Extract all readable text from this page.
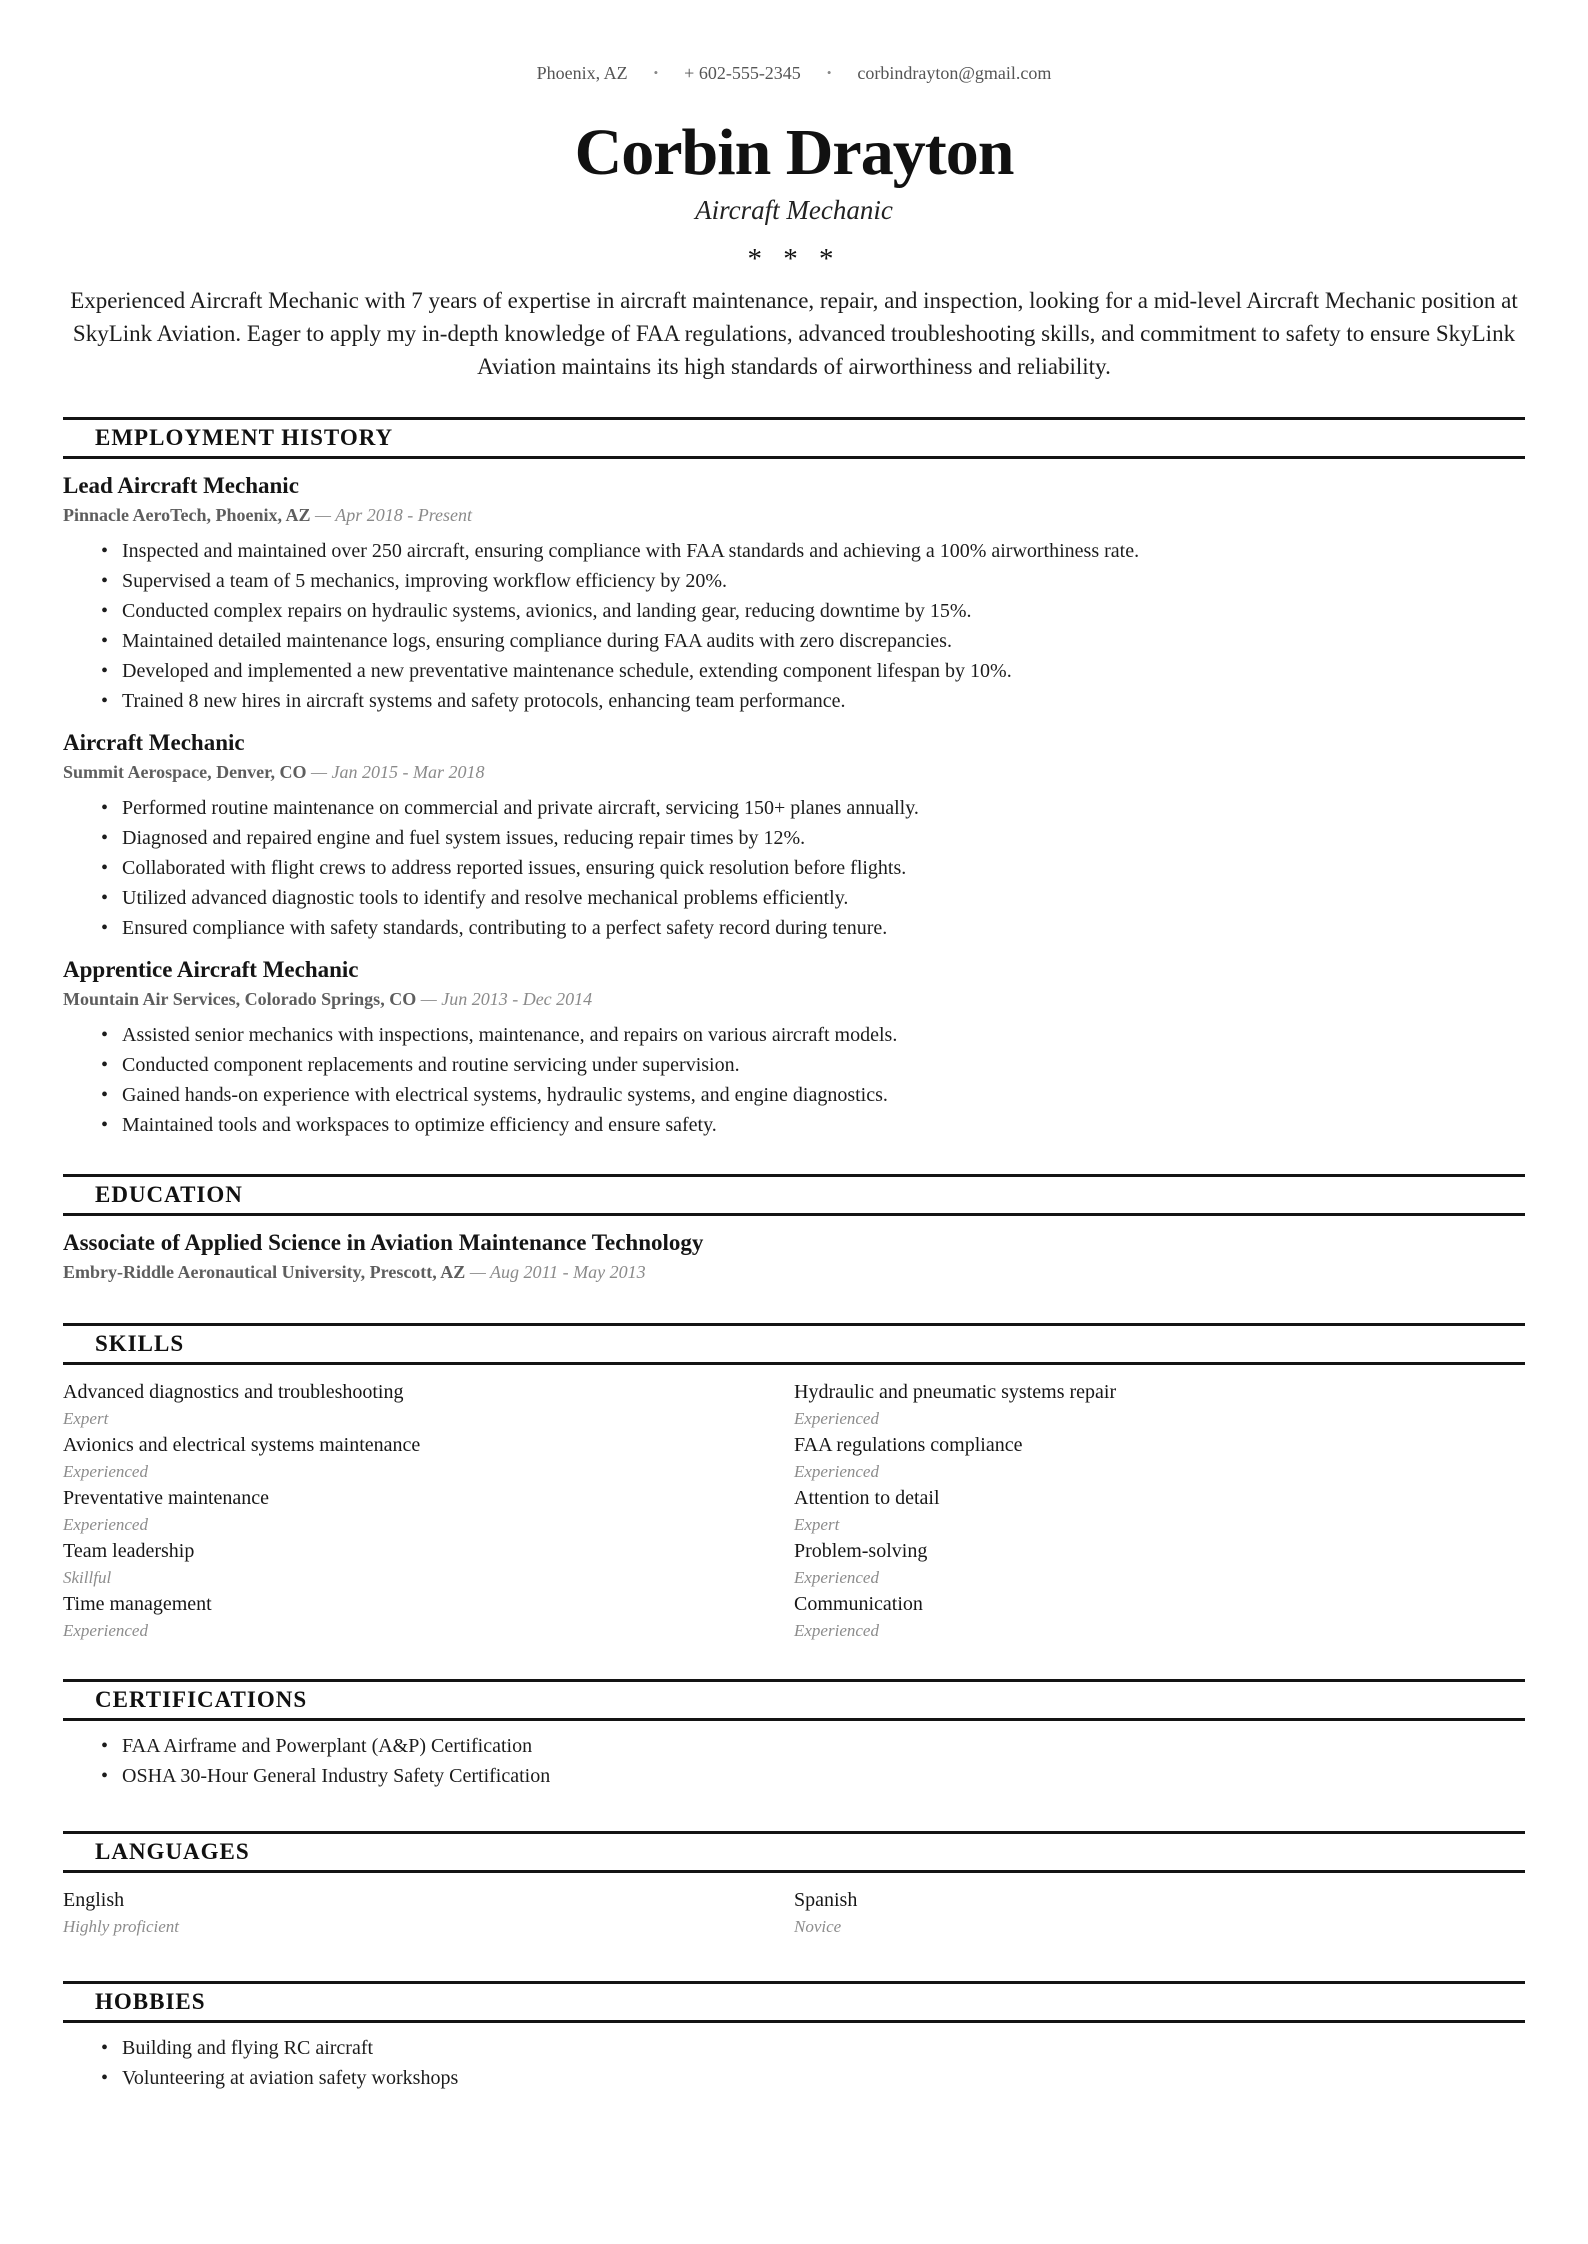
Phoenix, AZ • + 602-555-2345 • corbindrayton@gmail.com
Corbin Drayton
Aircraft Mechanic
* * *

Experienced Aircraft Mechanic with 7 years of expertise in aircraft maintenance, repair, and inspection, looking for a mid-level Aircraft Mechanic position at SkyLink Aviation. Eager to apply my in-depth knowledge of FAA regulations, advanced troubleshooting skills, and commitment to safety to ensure SkyLink Aviation maintains its high standards of airworthiness and reliability.

EMPLOYMENT HISTORY
Lead Aircraft Mechanic
Pinnacle AeroTech, Phoenix, AZ — Apr 2018 - Present
• Inspected and maintained over 250 aircraft, ensuring compliance with FAA standards and achieving a 100% airworthiness rate.
• Supervised a team of 5 mechanics, improving workflow efficiency by 20%.
• Conducted complex repairs on hydraulic systems, avionics, and landing gear, reducing downtime by 15%.
• Maintained detailed maintenance logs, ensuring compliance during FAA audits with zero discrepancies.
• Developed and implemented a new preventative maintenance schedule, extending component lifespan by 10%.
• Trained 8 new hires in aircraft systems and safety protocols, enhancing team performance.
Aircraft Mechanic
Summit Aerospace, Denver, CO — Jan 2015 - Mar 2018
• Performed routine maintenance on commercial and private aircraft, servicing 150+ planes annually.
• Diagnosed and repaired engine and fuel system issues, reducing repair times by 12%.
• Collaborated with flight crews to address reported issues, ensuring quick resolution before flights.
• Utilized advanced diagnostic tools to identify and resolve mechanical problems efficiently.
• Ensured compliance with safety standards, contributing to a perfect safety record during tenure.
Apprentice Aircraft Mechanic
Mountain Air Services, Colorado Springs, CO — Jun 2013 - Dec 2014
• Assisted senior mechanics with inspections, maintenance, and repairs on various aircraft models.
• Conducted component replacements and routine servicing under supervision.
• Gained hands-on experience with electrical systems, hydraulic systems, and engine diagnostics.
• Maintained tools and workspaces to optimize efficiency and ensure safety.
EDUCATION
Associate of Applied Science in Aviation Maintenance Technology
Embry-Riddle Aeronautical University, Prescott, AZ — Aug 2011 - May 2013
SKILLS
Advanced diagnostics and troubleshooting
Expert
Hydraulic and pneumatic systems repair
Experienced
Avionics and electrical systems maintenance
Experienced
FAA regulations compliance
Experienced
Preventative maintenance
Experienced
Attention to detail
Expert
Team leadership
Skillful
Problem-solving
Experienced
Time management
Experienced
Communication
Experienced
CERTIFICATIONS
• FAA Airframe and Powerplant (A&P) Certification
• OSHA 30-Hour General Industry Safety Certification
LANGUAGES
English
Highly proficient
Spanish
Novice
HOBBIES
• Building and flying RC aircraft
• Volunteering at aviation safety workshops
